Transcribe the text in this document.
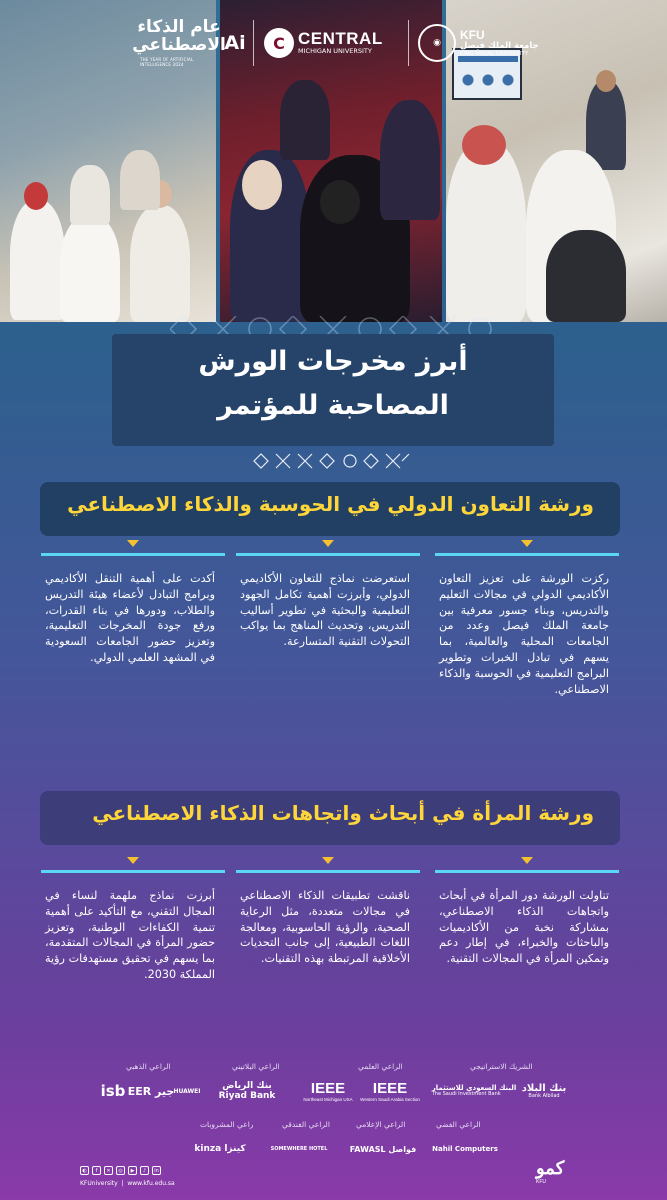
عام الذكاء الاصطناعي
THE YEAR OF ARTIFICIAL INTELLIGENCE 2024
Ai	C CENTRAL
MICHIGAN UNIVERSITY
◉
KFU
جامعة الملك فيصل
KING FAISAL UNIVERSITY
أبرز مخرجات الورش
المصاحبة للمؤتمر
ورشة التعاون الدولي في الحوسبة والذكاء الاصطناعي
ركزت الورشة على تعزيز التعاون الأكاديمي الدولي في مجالات التعليم والتدريس، وبناء جسور معرفية بين جامعة الملك فيصل وعدد من الجامعات المحلية والعالمية، بما يسهم في تبادل الخبرات وتطوير البرامج التعليمية في الحوسبة والذكاء الاصطناعي.
استعرضت نماذج للتعاون الأكاديمي الدولي، وأبرزت أهمية تكامل الجهود التعليمية والبحثية في تطوير أساليب التدريس، وتحديث المناهج بما يواكب التحولات التقنية المتسارعة.
أكدت على أهمية التنقل الأكاديمي وبرامج التبادل لأعضاء هيئة التدريس والطلاب، ودورها في بناء القدرات، ورفع جودة المخرجات التعليمية، وتعزيز حضور الجامعات السعودية في المشهد العلمي الدولي.
ورشة المرأة في أبحاث واتجاهات الذكاء الاصطناعي
تناولت الورشة دور المرأة في أبحاث واتجاهات الذكاء الاصطناعي، بمشاركة نخبة من الأكاديميات والباحثات والخبراء، في إطار دعم وتمكين المرأة في المجالات التقنية.
ناقشت تطبيقات الذكاء الاصطناعي في مجالات متعددة، مثل الرعاية الصحية، والرؤية الحاسوبية، ومعالجة اللغات الطبيعية، إلى جانب التحديات الأخلاقية المرتبطة بهذه التقنيات.
أبرزت نماذج ملهمة لنساء في المجال التقني، مع التأكيد على أهمية تنمية الكفاءات الوطنية، وتعزيز حضور المرأة في المجالات المتقدمة، بما يسهم في تحقيق مستهدفات رؤية المملكة 2030.
الشريك الاستراتيجي
الراعي العلمي
الراعي البلاتيني
الراعي الذهبي
بنك البلاد
Bank Albilad
البنك السعودي للاستثمار
The Saudi Investment Bank
IEEE
Western Saudi Arabia Section
IEEE
Northeast Michigan USA
بنك الرياض
Riyad Bank
HUAWEI
EER جير
isb
الراعي الفضي
الراعي الإعلامي
الراعي الفندقي
راعي المشروبات
Nahil Computers
FAWASL فواصل
SOMEWHERE HOTEL
kinza كينزا
◐	f	✕	◎	▶	♪	in
KFUniversity  |  www.kfu.edu.sa
كمو
KFU
